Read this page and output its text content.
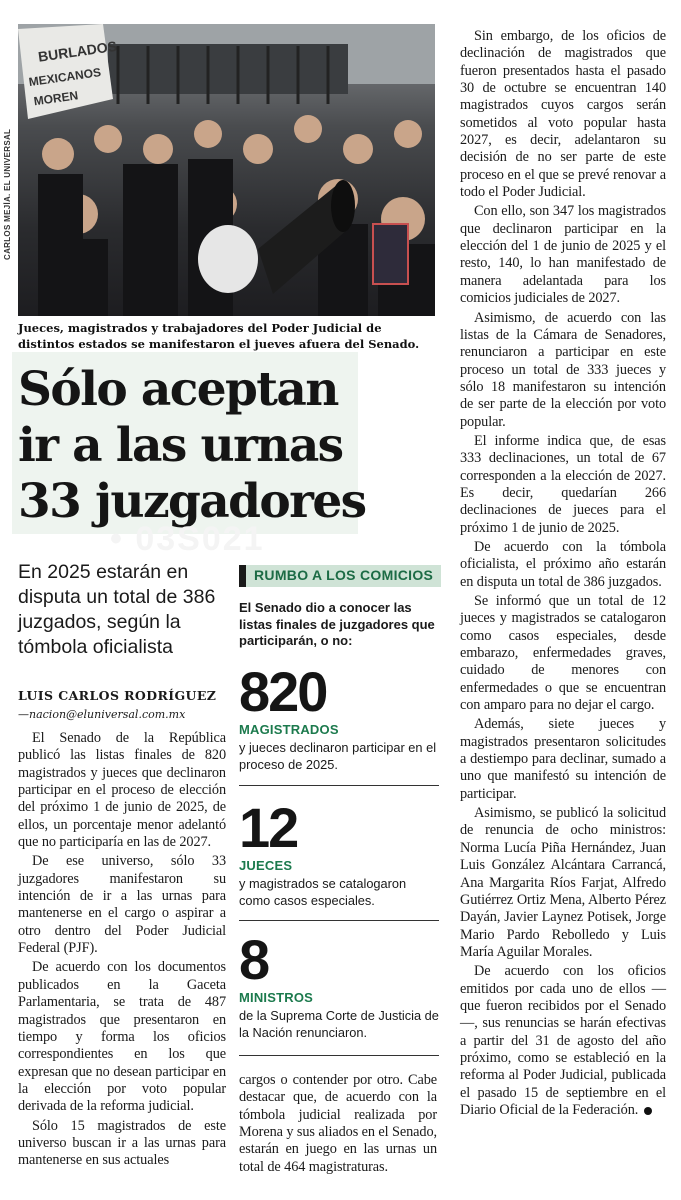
BURLADOS
MEXICANOS
MOREN
CARLOS MEJÍA. EL UNIVERSAL
Jueces, magistrados y trabajadores del Poder Judicial de distintos estados se manifestaron el jueves afuera del Senado.
Sólo aceptan
ir a las urnas
33 juzgadores
• 03S021
En 2025 estarán en disputa un total de 386 juzgados, según la tómbola oficialista
LUIS CARLOS RODRÍGUEZ
—nacion@eluniversal.com.mx

El Senado de la República publicó las listas finales de 820 magistrados y jueces que declinaron participar en el proceso de elección del próximo 1 de junio de 2025, de ellos, un porcentaje menor adelantó que no participaría en las de 2027.

De ese universo, sólo 33 juzgadores manifestaron su intención de ir a las urnas para mantenerse en el cargo o aspirar a otro dentro del Poder Judicial Federal (PJF).

De acuerdo con los documentos publicados en la Gaceta Parlamentaria, se trata de 487 magistrados que presentaron en tiempo y forma los oficios correspondientes en los que expresan que no desean participar en la elección por voto popular derivada de la reforma judicial.

Sólo 15 magistrados de este universo buscan ir a las urnas para mantenerse en sus actuales

RUMBO A LOS COMICIOS
El Senado dio a conocer las listas finales de juzgadores que participarán, o no:
820
MAGISTRADOS
y jueces declinaron participar en el proceso de 2025.
12
JUECES
y magistrados se catalogaron como casos especiales.
8
MINISTROS
de la Suprema Corte de Justicia de la Nación renunciaron.

cargos o contender por otro. Cabe destacar que, de acuerdo con la tómbola judicial realizada por Morena y sus aliados en el Senado, estarán en juego en las urnas un total de 464 magistraturas.

Sin embargo, de los oficios de declinación de magistrados que fueron presentados hasta el pasado 30 de octubre se encuentran 140 magistrados cuyos cargos serán sometidos al voto popular hasta 2027, es decir, adelantaron su decisión de no ser parte de este proceso en el que se prevé renovar a todo el Poder Judicial.

Con ello, son 347 los magistrados que declinaron participar en la elección del 1 de junio de 2025 y el resto, 140, lo han manifestado de manera adelantada para los comicios judiciales de 2027.

Asimismo, de acuerdo con las listas de la Cámara de Senadores, renunciaron a participar en este proceso un total de 333 jueces y sólo 18 manifestaron su intención de ser parte de la elección por voto popular.

El informe indica que, de esas 333 declinaciones, un total de 67 corresponden a la elección de 2027. Es decir, quedarían 266 declinaciones de jueces para el próximo 1 de junio de 2025.

De acuerdo con la tómbola oficialista, el próximo año estarán en disputa un total de 386 juzgados.

Se informó que un total de 12 jueces y magistrados se catalogaron como casos especiales, desde embarazo, enfermedades graves, cuidado de menores con enfermedades o que se encuentran con amparo para no dejar el cargo.

Además, siete jueces y magistrados presentaron solicitudes a destiempo para declinar, sumado a uno que manifestó su intención de participar.

Asimismo, se publicó la solicitud de renuncia de ocho ministros: Norma Lucía Piña Hernández, Juan Luis González Alcántara Carrancá, Ana Margarita Ríos Farjat, Alfredo Gutiérrez Ortiz Mena, Alberto Pérez Dayán, Javier Laynez Potisek, Jorge Mario Pardo Rebolledo y Luis María Aguilar Morales.

De acuerdo con los oficios emitidos por cada uno de ellos —que fueron recibidos por el Senado—, sus renuncias se harán efectivas a partir del 31 de agosto del año próximo, como se estableció en la reforma al Poder Judicial, publicada el pasado 15 de septiembre en el Diario Oficial de la Federación.
